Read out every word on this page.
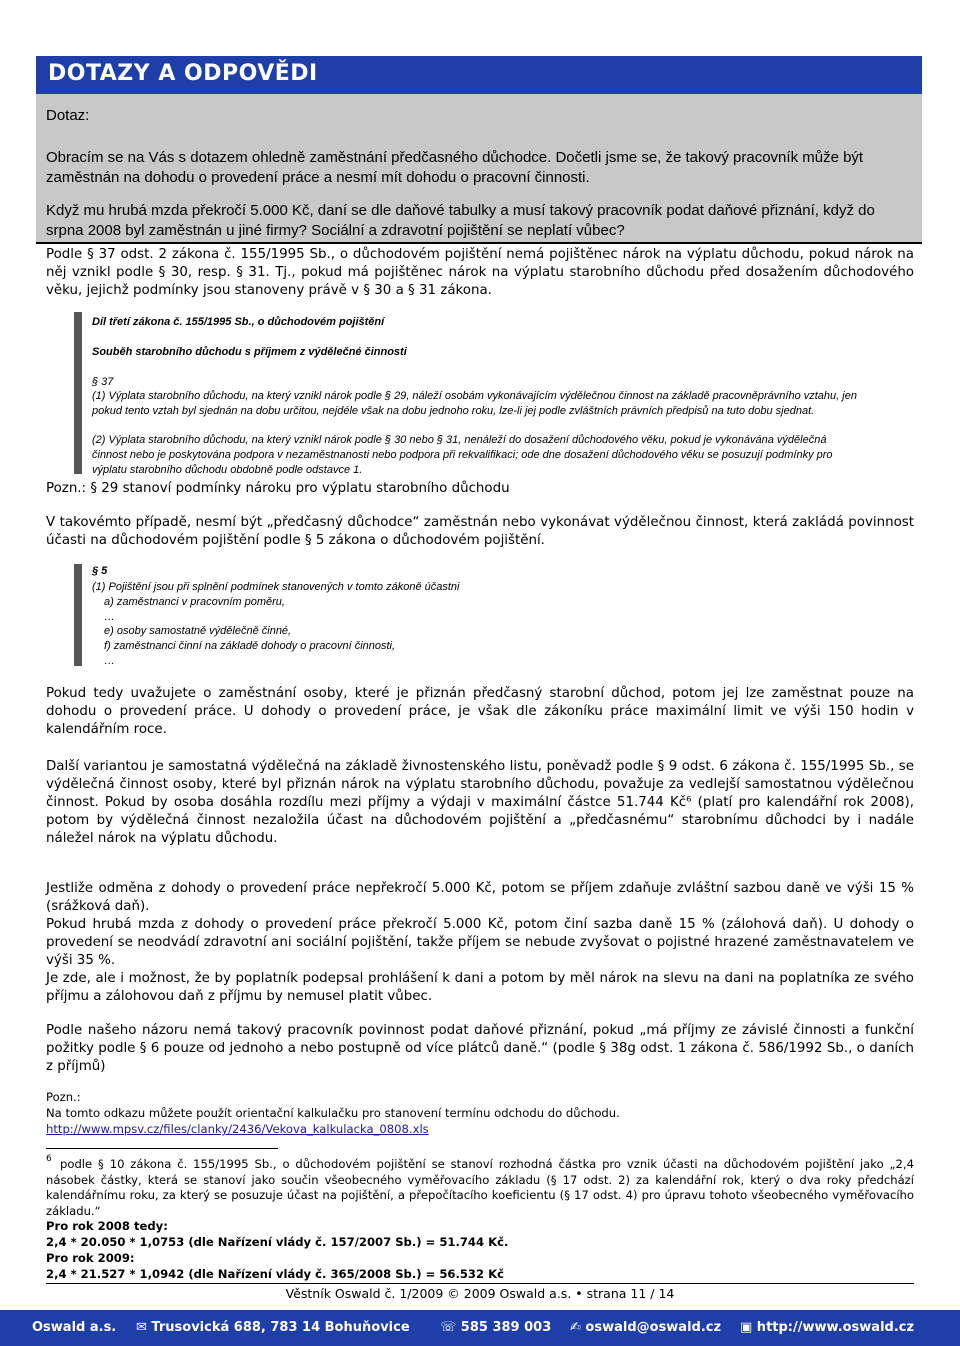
DOTAZY A ODPOVĚDI
Dotaz:
Obracím se na Vás s dotazem ohledně zaměstnání předčasného důchodce. Dočetli jsme se, že takový pracovník může být zaměstnán na dohodu o provedení práce a nesmí mít dohodu o pracovní činnosti.
Když mu hrubá mzda překročí 5.000 Kč, daní se dle daňové tabulky a musí takový pracovník podat daňové přiznání, když do srpna 2008 byl zaměstnán u jiné firmy? Sociální a zdravotní pojištění se neplatí vůbec?
Podle § 37 odst. 2 zákona č. 155/1995 Sb., o důchodovém pojištění nemá pojištěnec nárok na výplatu důchodu, pokud nárok na něj vznikl podle § 30, resp. § 31. Tj., pokud má pojištěnec nárok na výplatu starobního důchodu před dosažením důchodového věku, jejichž podmínky jsou stanoveny právě v § 30 a § 31 zákona.
Díl třetí zákona č. 155/1995 Sb., o důchodovém pojištění
Souběh starobního důchodu s příjmem z výdělečné činnosti
§ 37
(1) Výplata starobního důchodu, na který vznikl nárok podle § 29, náleží osobám vykonávajícím výdělečnou činnost na základě pracovněprávního vztahu, jen pokud tento vztah byl sjednán na dobu určitou, nejdéle však na dobu jednoho roku, lze-li jej podle zvláštních právních předpisů na tuto dobu sjednat.
(2) Výplata starobního důchodu, na který vznikl nárok podle § 30 nebo § 31, nenáleží do dosažení důchodového věku, pokud je vykonávána výdělečná činnost nebo je poskytována podpora v nezaměstnanosti nebo podpora při rekvalifikaci; ode dne dosažení důchodového věku se posuzují podmínky pro výplatu starobního důchodu obdobně podle odstavce 1.
Pozn.: § 29 stanoví podmínky nároku pro výplatu starobního důchodu
V takovémto případě, nesmí být „předčasný důchodce“ zaměstnán nebo vykonávat výdělečnou činnost, která zakládá povinnost účasti na důchodovém pojištění podle § 5 zákona o důchodovém pojištění.
§ 5
(1) Pojištění jsou při splnění podmínek stanovených v tomto zákoně účastni
a) zaměstnanci v pracovním poměru,
…
e) osoby samostatně výdělečně činné,
f) zaměstnanci činní na základě dohody o pracovní činnosti,
…
Pokud tedy uvažujete o zaměstnání osoby, které je přiznán předčasný starobní důchod, potom jej lze zaměstnat pouze na dohodu o provedení práce. U dohody o provedení práce, je však dle zákoníku práce maximální limit ve výši 150 hodin v kalendářním roce.
Další variantou je samostatná výdělečná na základě živnostenského listu, poněvadž podle § 9 odst. 6 zákona č. 155/1995 Sb., se výdělečná činnost osoby, které byl přiznán nárok na výplatu starobního důchodu, považuje za vedlejší samostatnou výdělečnou činnost. Pokud by osoba dosáhla rozdílu mezi příjmy a výdaji v maximální částce 51.744 Kč⁶ (platí pro kalendářní rok 2008), potom by výdělečná činnost nezaložila účast na důchodovém pojištění a „předčasnému“ starobnímu důchodci by i nadále náležel nárok na výplatu důchodu.
Jestliže odměna z dohody o provedení práce nepřekročí 5.000 Kč, potom se příjem zdaňuje zvláštní sazbou daně ve výši 15 % (srážková daň).
Pokud hrubá mzda z dohody o provedení práce překročí 5.000 Kč, potom činí sazba daně 15 % (zálohová daň). U dohody o provedení se neodvádí zdravotní ani sociální pojištění, takže příjem se nebude zvyšovat o pojistné hrazené zaměstnavatelem ve výši 35 %.
Je zde, ale i možnost, že by poplatník podepsal prohlášení k dani a potom by měl nárok na slevu na dani na poplatníka ze svého příjmu a zálohovou daň z příjmu by nemusel platit vůbec.
Podle našeho názoru nemá takový pracovník povinnost podat daňové přiznání, pokud „má příjmy ze závislé činnosti a funkční požitky podle § 6 pouze od jednoho a nebo postupně od více plátců daně.“ (podle § 38g odst. 1 zákona č. 586/1992 Sb., o daních z příjmů)
Pozn.:
Na tomto odkazu můžete použít orientační kalkulačku pro stanovení termínu odchodu do důchodu.
http://www.mpsv.cz/files/clanky/2436/Vekova_kalkulacka_0808.xls
6 podle § 10 zákona č. 155/1995 Sb., o důchodovém pojištění se stanoví rozhodná částka pro vznik účasti na důchodovém pojištění jako „2,4 násobek částky, která se stanoví jako součin všeobecného vyměřovacího základu (§ 17 odst. 2) za kalendářní rok, který o dva roky předchází kalendářnímu roku, za který se posuzuje účast na pojištění, a přepočítacího koeficientu (§ 17 odst. 4) pro úpravu tohoto všeobecného vyměřovacího základu.“
Pro rok 2008 tedy:
2,4 * 20.050 * 1,0753 (dle Nařízení vlády č. 157/2007 Sb.) = 51.744 Kč.
Pro rok 2009:
2,4 * 21.527 * 1,0942 (dle Nařízení vlády č. 365/2008 Sb.) = 56.532 Kč
Věstník Oswald č. 1/2009 © 2009 Oswald a.s. • strana 11 / 14
Oswald a.s. ✉ Trusovická 688, 783 14 Bohuňovice ☏ 585 389 003 ✍ oswald@oswald.cz ▣ http://www.oswald.cz
